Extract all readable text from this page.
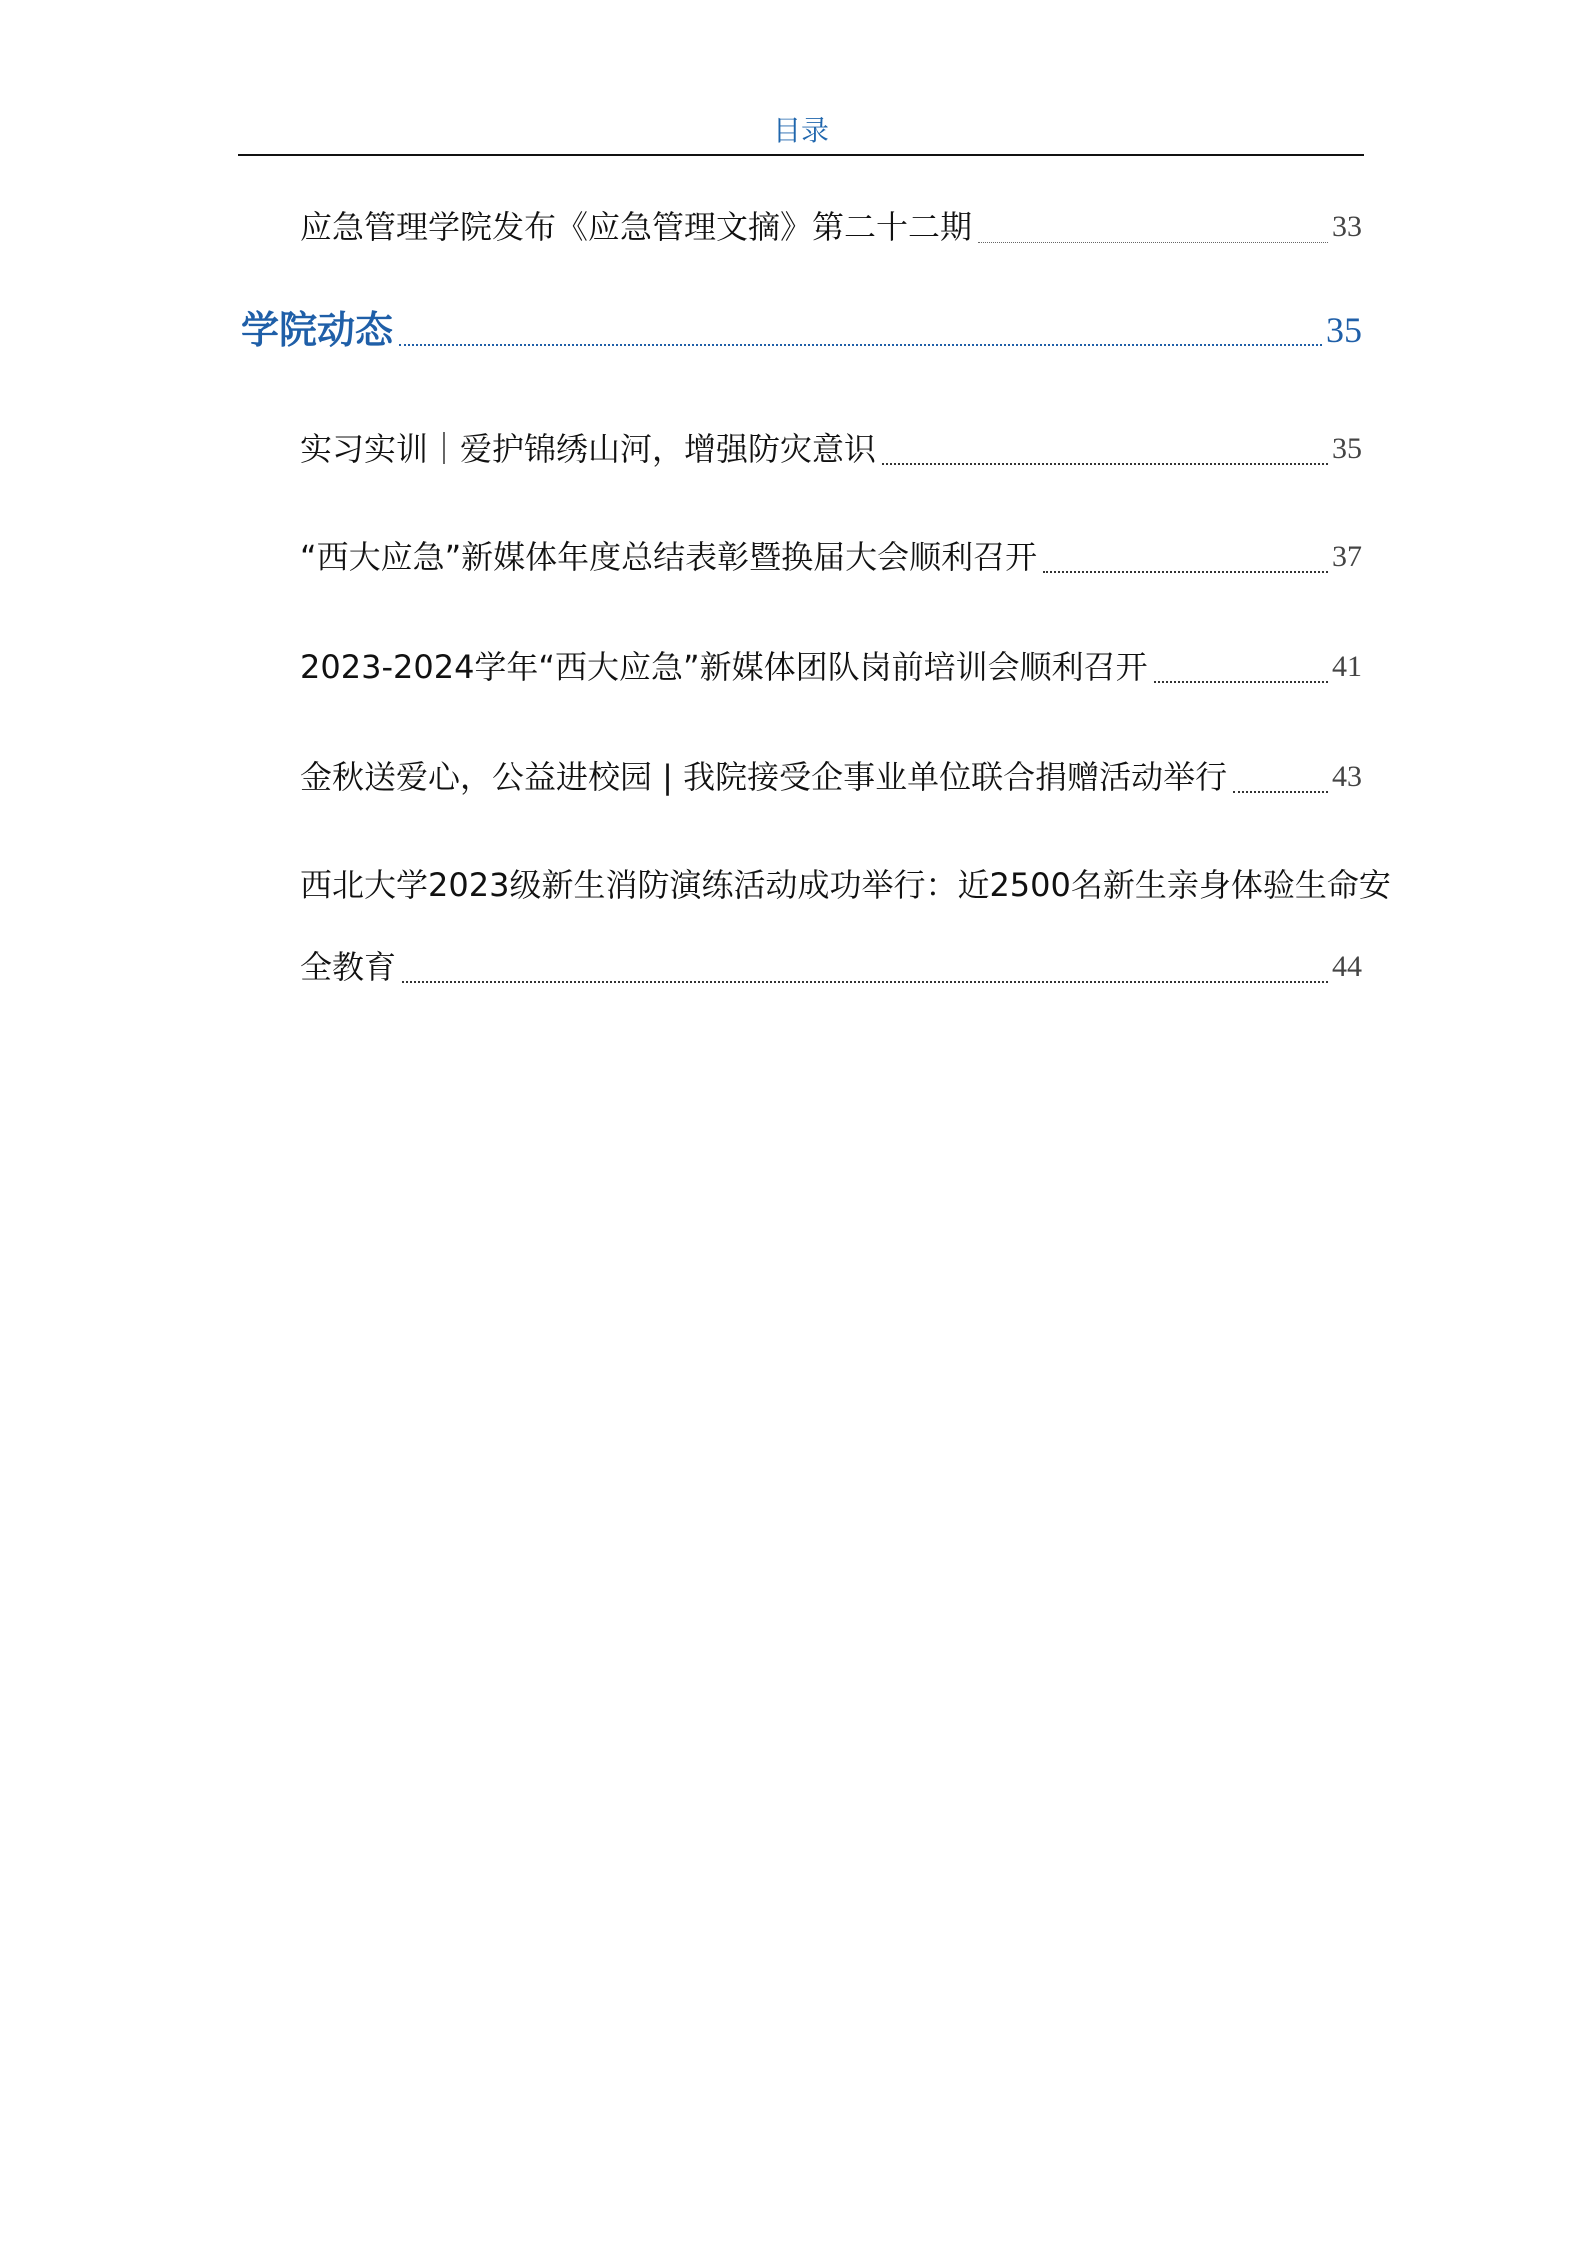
目录
应急管理学院发布《应急管理文摘》第二十二期	33
学院动态	35
实习实训｜爱护锦绣山河，增强防灾意识	35
“西大应急”新媒体年度总结表彰暨换届大会顺利召开	37
2023-2024学年“西大应急”新媒体团队岗前培训会顺利召开	41
金秋送爱心，公益进校园 | 我院接受企事业单位联合捐赠活动举行	43
西北大学2023级新生消防演练活动成功举行：近2500名新生亲身体验生命安
全教育	44
